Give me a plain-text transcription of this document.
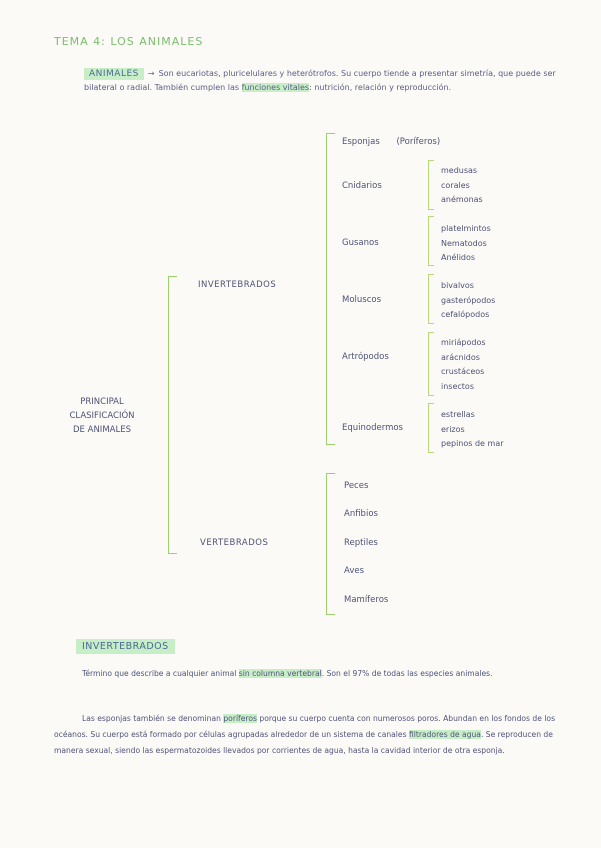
TEMA 4: LOS ANIMALES
ANIMALES → Son eucariotas, pluricelulares y heterótrofos. Su cuerpo tiende a presentar simetría, que puede ser bilateral o radial. También cumplen las funciones vitales: nutrición, relación y reproducción.
PRINCIPAL
CLASIFICACIÓN
DE ANIMALES
INVERTEBRADOS
VERTEBRADOS
Esponjas (Poríferos)
Cnidarios
medusas
corales
anémonas
Gusanos
platelmintos
Nematodos
Anélidos
Moluscos
bivalvos
gasterópodos
cefalópodos
Artrópodos
miriápodos
arácnidos
crustáceos
insectos
Equinodermos
estrellas
erizos
pepinos de mar
Peces
Anfibios
Reptiles
Aves
Mamíferos
INVERTEBRADOS
Término que describe a cualquier animal sin columna vertebral. Son el 97% de todas las especies animales.
Las esponjas también se denominan poríferos porque su cuerpo cuenta con numerosos poros. Abundan en los fondos de los océanos. Su cuerpo está formado por células agrupadas alrededor de un sistema de canales filtradores de agua. Se reproducen de manera sexual, siendo las espermatozoides llevados por corrientes de agua, hasta la cavidad interior de otra esponja.
